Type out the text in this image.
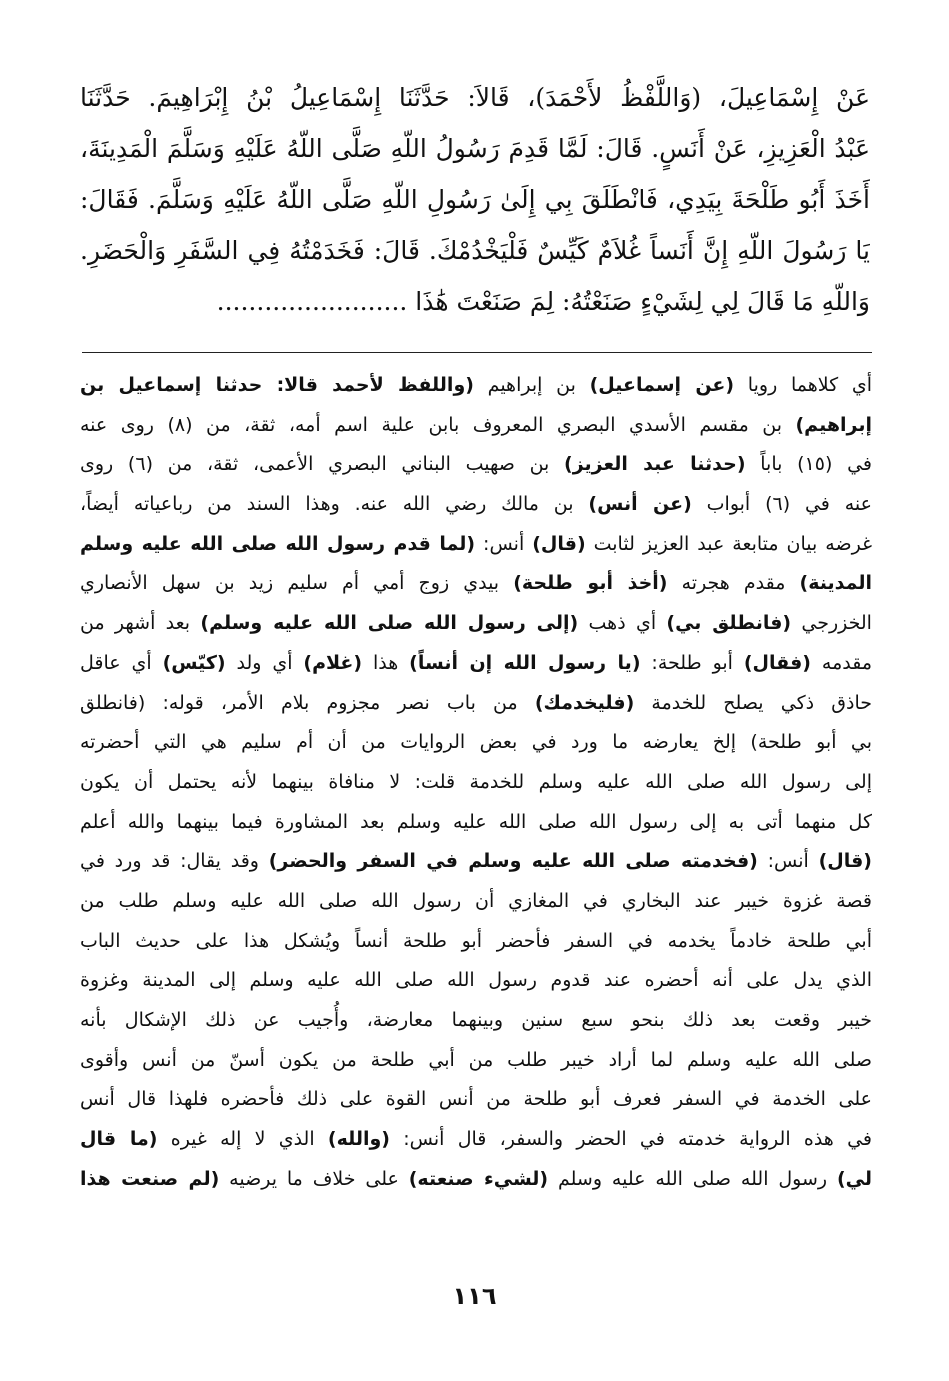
عَنْ إِسْمَاعِيلَ، (وَاللَّفْظُ لأَحْمَدَ)، قَالاَ: حَدَّثَنَا إِسْمَاعِيلُ بْنُ إِبْرَاهِيمَ. حَدَّثَنَا
عَبْدُ الْعَزِيزِ، عَنْ أَنَسٍ. قَالَ: لَمَّا قَدِمَ رَسُولُ اللّهِ صَلَّى اللّهُ عَلَيْهِ وَسَلَّمَ الْمَدِينَةَ،
أَخَذَ أَبُو طَلْحَةَ بِيَدِي، فَانْطَلَقَ بِي إِلَىٰ رَسُولِ اللّهِ صَلَّى اللّهُ عَلَيْهِ وَسَلَّمَ. فَقَالَ:
يَا رَسُولَ اللّهِ إِنَّ أَنَساً غُلاَمٌ كَيِّسٌ فَلْيَخْدُمْكَ. قَالَ: فَخَدَمْتُهُ فِي السَّفَرِ وَالْحَضَرِ.
وَاللّهِ مَا قَالَ لِي لِشَيْءٍ صَنَعْتُهُ: لِمَ صَنَعْتَ هَٰذَا ........................
أي كلاهما رويا (عن إسماعيل) بن إبراهيم (واللفظ لأحمد قالا: حدثنا إسماعيل بن
إبراهيم) بن مقسم الأسدي البصري المعروف بابن علية اسم أمه، ثقة، من (٨) روى عنه
في (١٥) باباً (حدثنا عبد العزيز) بن صهيب البناني البصري الأعمى، ثقة، من (٦) روى
عنه في (٦) أبواب (عن أنس) بن مالك رضي الله عنه. وهذا السند من رباعياته أيضاً،
غرضه بيان متابعة عبد العزيز لثابت (قال) أنس: (لما قدم رسول الله صلى الله عليه وسلم
المدينة) مقدم هجرته (أخذ أبو طلحة) بيدي زوج أمي أم سليم زيد بن سهل الأنصاري
الخزرجي (فانطلق بي) أي ذهب (إلى رسول الله صلى الله عليه وسلم) بعد أشهر من
مقدمه (فقال) أبو طلحة: (يا رسول الله إن أنساً) هذا (غلام) أي ولد (كيّس) أي عاقل
حاذق ذكي يصلح للخدمة (فليخدمك) من باب نصر مجزوم بلام الأمر، قوله: (فانطلق
بي أبو طلحة) إلخ يعارضه ما ورد في بعض الروايات من أن أم سليم هي التي أحضرته
إلى رسول الله صلى الله عليه وسلم للخدمة قلت: لا منافاة بينهما لأنه يحتمل أن يكون
كل منهما أتى به إلى رسول الله صلى الله عليه وسلم بعد المشاورة فيما بينهما والله أعلم
(قال) أنس: (فخدمته صلى الله عليه وسلم في السفر والحضر) وقد يقال: قد ورد في
قصة غزوة خيبر عند البخاري في المغازي أن رسول الله صلى الله عليه وسلم طلب من
أبي طلحة خادماً يخدمه في السفر فأحضر أبو طلحة أنساً ويُشكل هذا على حديث الباب
الذي يدل على أنه أحضره عند قدوم رسول الله صلى الله عليه وسلم إلى المدينة وغزوة
خيبر وقعت بعد ذلك بنحو سبع سنين وبينهما معارضة، وأُجيب عن ذلك الإشكال بأنه
صلى الله عليه وسلم لما أراد خيبر طلب من أبي طلحة من يكون أسنّ من أنس وأقوى
على الخدمة في السفر فعرف أبو طلحة من أنس القوة على ذلك فأحضره فلهذا قال أنس
في هذه الرواية خدمته في الحضر والسفر، قال أنس: (والله) الذي لا إله غيره (ما قال
لي) رسول الله صلى الله عليه وسلم (لشيء صنعته) على خلاف ما يرضيه (لم صنعت هذا
١١٦
